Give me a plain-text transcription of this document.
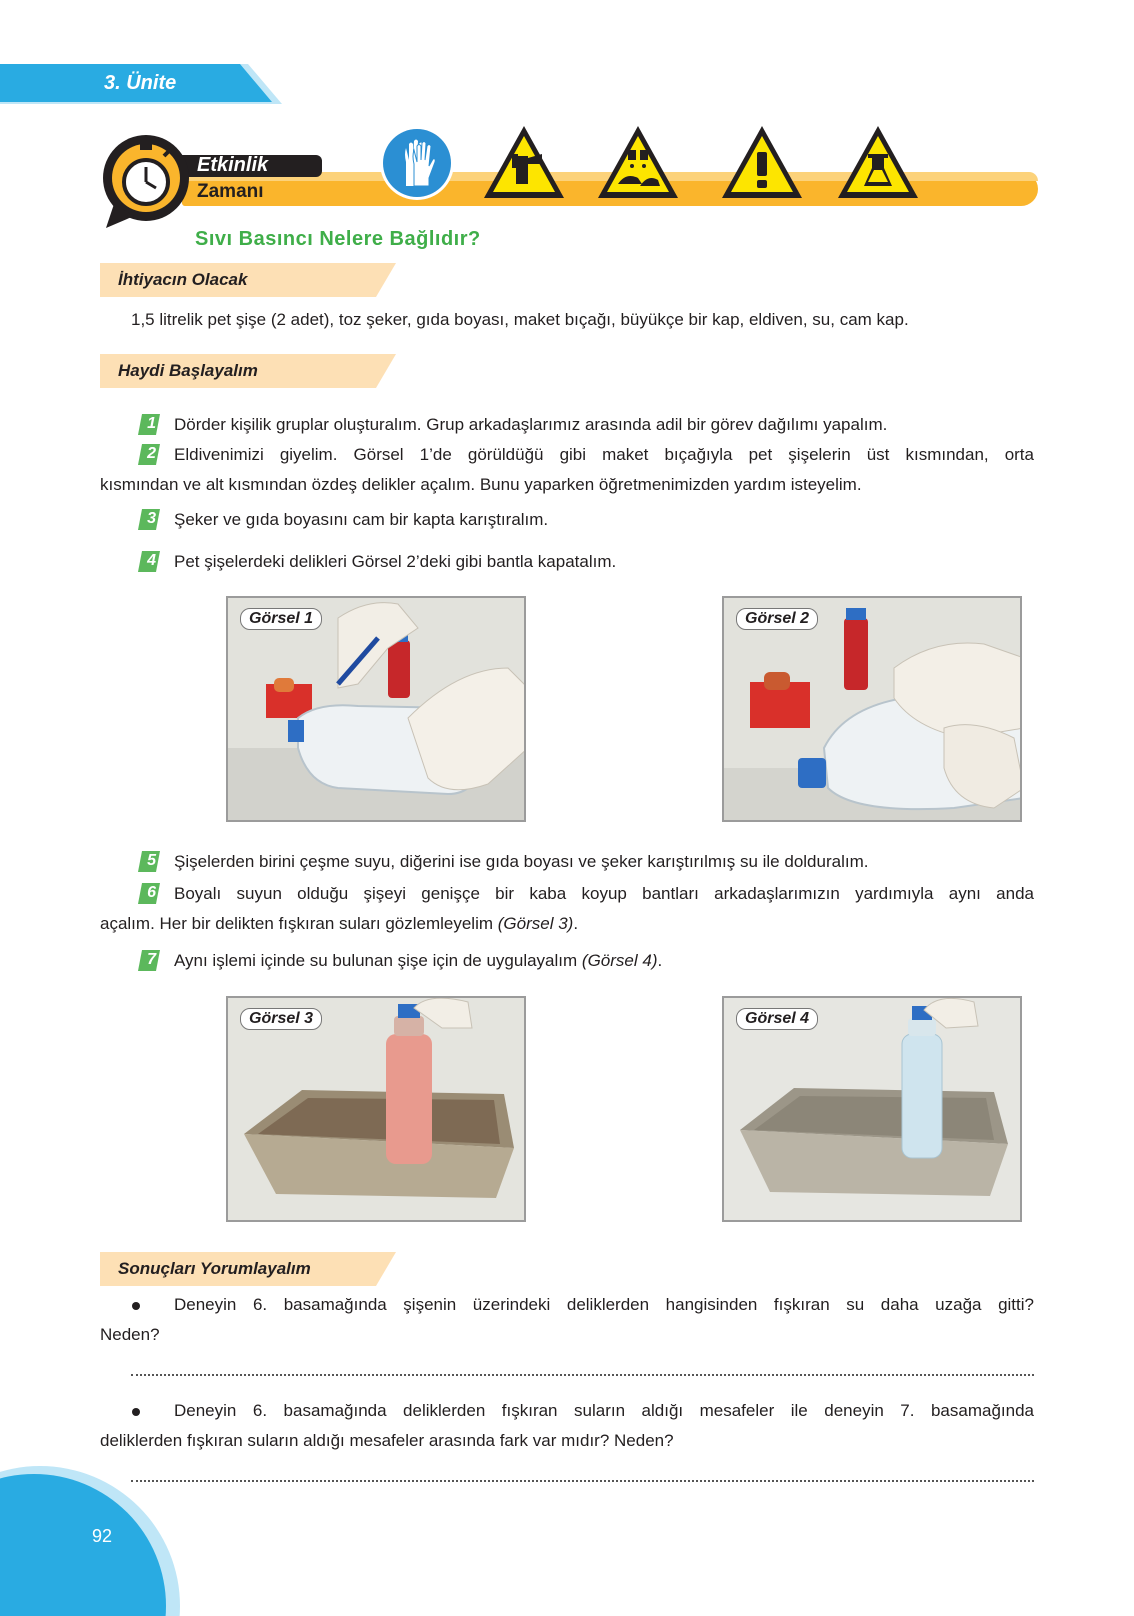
3. Ünite
Etkinlik
Zamanı
Sıvı Basıncı Nelere Bağlıdır?
İhtiyacın Olacak
1,5 litrelik pet şişe (2 adet), toz şeker, gıda boyası, maket bıçağı, büyükçe bir kap, eldiven, su, cam kap.
Haydi Başlayalım
1 Dörder kişilik gruplar oluşturalım. Grup arkadaşlarımız arasında adil bir görev dağılımı yapalım.
2 Eldivenimizi giyelim. Görsel 1’de görüldüğü gibi maket bıçağıyla pet şişelerin üst kısmından, orta
kısmından ve alt kısmından özdeş delikler açalım. Bunu yaparken öğretmenimizden yardım isteyelim.
3 Şeker ve gıda boyasını cam bir kapta karıştıralım.
4 Pet şişelerdeki delikleri Görsel 2’deki gibi bantla kapatalım.
Görsel 1	Görsel 2
5 Şişelerden birini çeşme suyu, diğerini ise gıda boyası ve şeker karıştırılmış su ile dolduralım.
6 Boyalı suyun olduğu şişeyi genişçe bir kaba koyup bantları arkadaşlarımızın yardımıyla aynı anda
açalım. Her bir delikten fışkıran suları gözlemleyelim (Görsel 3).
7 Aynı işlemi içinde su bulunan şişe için de uygulayalım (Görsel 4).
Görsel 3	Görsel 4
Sonuçları Yorumlayalım
Deneyin 6. basamağında şişenin üzerindeki deliklerden hangisinden fışkıran su daha uzağa gitti?
Neden?
Deneyin 6. basamağında deliklerden fışkıran suların aldığı mesafeler ile deneyin 7. basamağında
deliklerden fışkıran suların aldığı mesafeler arasında fark var mıdır? Neden?
92
